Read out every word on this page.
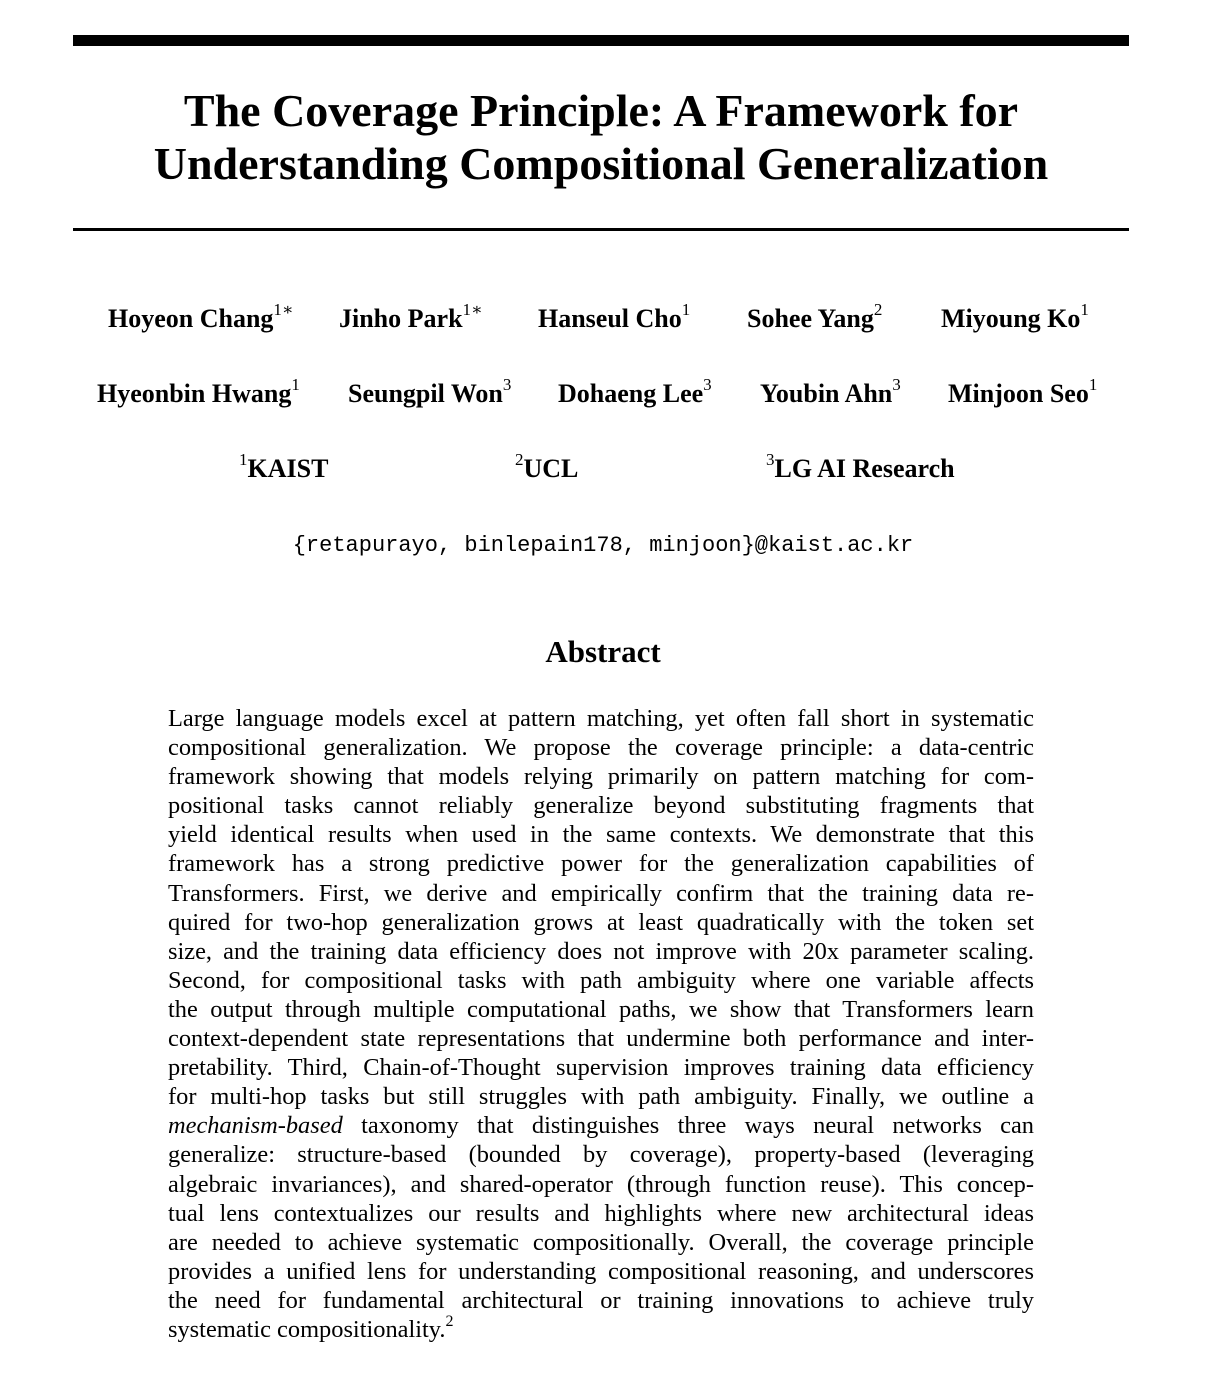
The Coverage Principle: A Framework for
Understanding Compositional Generalization
Hoyeon Chang$^{1∗}$ Jinho Park$^{1∗}$ Hanseul Cho$^1$ Sohee Yang$^2$ Miyoung Ko$^1$
Hyeonbin Hwang$^1$ Seungpil Won$^3$ Dohaeng Lee$^3$ Youbin Ahn$^3$ Minjoon Seo$^1$
$^1$KAIST	$^2$UCL	$^3$LG AI Research
{retapurayo, binlepain178, minjoon}@kaist.ac.kr
Abstract
Large language models excel at pattern matching, yet often fall short in systematic
compositional generalization. We propose the coverage principle: a data-centric
framework showing that models relying primarily on pattern matching for com-
positional tasks cannot reliably generalize beyond substituting fragments that
yield identical results when used in the same contexts. We demonstrate that this
framework has a strong predictive power for the generalization capabilities of
Transformers. First, we derive and empirically confirm that the training data re-
quired for two-hop generalization grows at least quadratically with the token set
size, and the training data efficiency does not improve with 20x parameter scaling.
Second, for compositional tasks with path ambiguity where one variable affects
the output through multiple computational paths, we show that Transformers learn
context-dependent state representations that undermine both performance and inter-
pretability. Third, Chain-of-Thought supervision improves training data efficiency
for multi-hop tasks but still struggles with path ambiguity. Finally, we outline a
mechanism-based taxonomy that distinguishes three ways neural networks can
generalize: structure-based (bounded by coverage), property-based (leveraging
algebraic invariances), and shared-operator (through function reuse). This concep-
tual lens contextualizes our results and highlights where new architectural ideas
are needed to achieve systematic compositionally. Overall, the coverage principle
provides a unified lens for understanding compositional reasoning, and underscores
the need for fundamental architectural or training innovations to achieve truly
systematic compositionality.$^2$
